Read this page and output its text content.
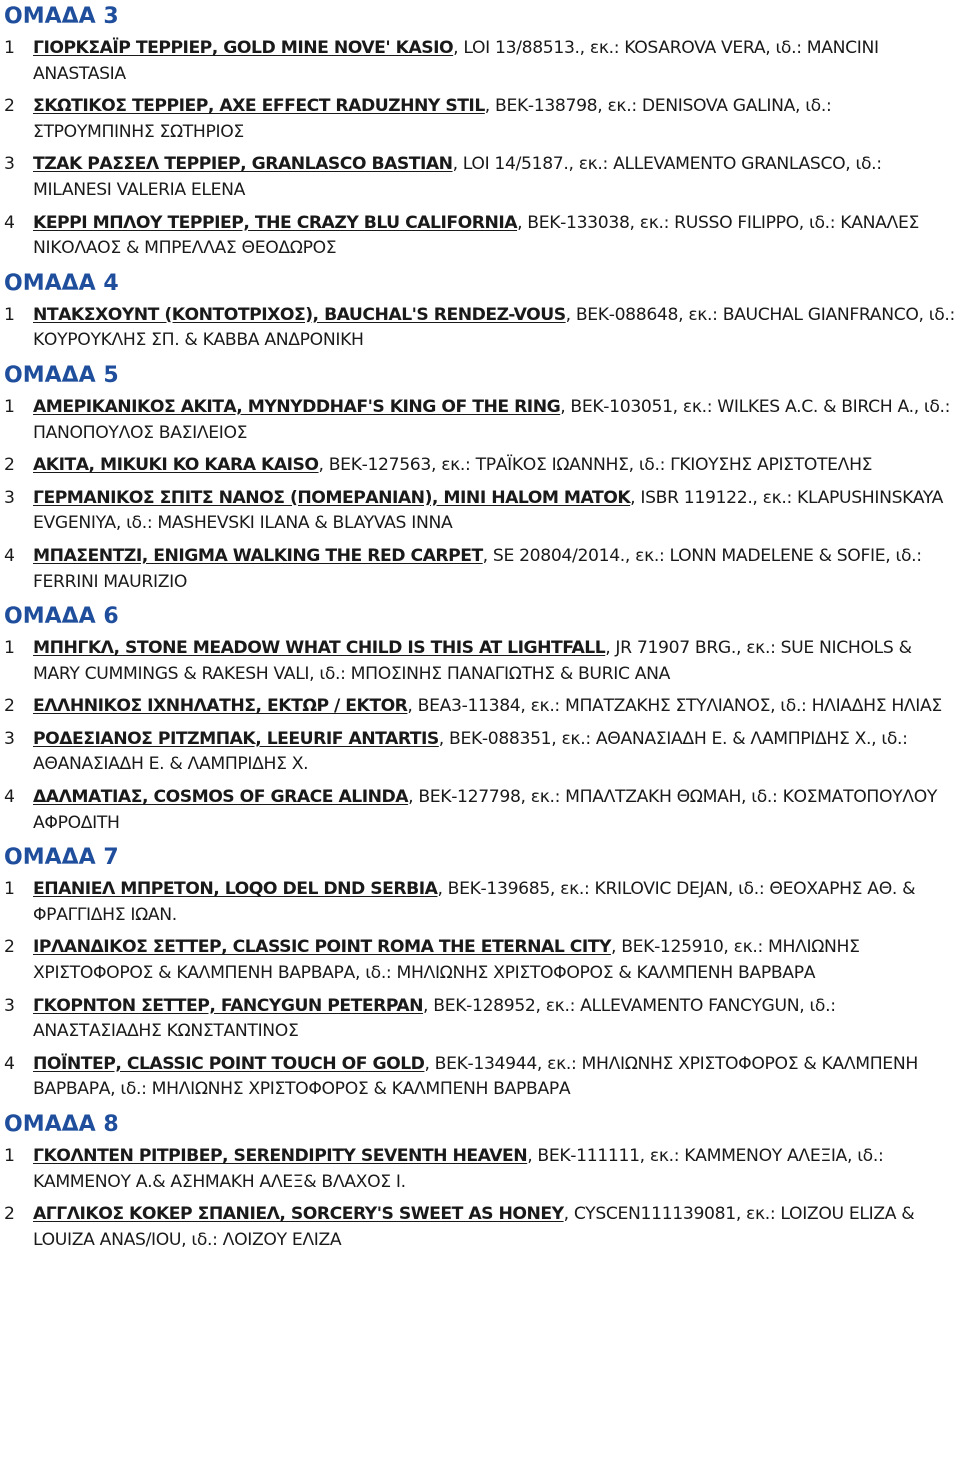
ΟΜΑΔΑ 3
1	ΓΙΟΡΚΣΑΪΡ ΤΕΡΡΙΕΡ, GOLD MINE NOVE' KASIO, LOI 13/88513., εκ.: KOSAROVA VERA, ιδ.: MANCINI ANASTASIA
2	ΣΚΩΤΙΚΟΣ ΤΕΡΡΙΕΡ, AXE EFFECT RADUZHNY STIL, ΒΕΚ-138798, εκ.: DENISOVA GALINA, ιδ.: ΣΤΡΟΥΜΠΙΝΗΣ ΣΩΤΗΡΙΟΣ
3	ΤΖΑΚ ΡΑΣΣΕΛ ΤΕΡΡΙΕΡ, GRANLASCO BASTIAN, LOI 14/5187., εκ.: ALLEVAMENTO GRANLASCO, ιδ.: MILANESI VALERIA ELENA
4	ΚΕΡΡΙ ΜΠΛΟΥ ΤΕΡΡΙΕΡ, THE CRAZY BLU CALIFORNIA, ΒΕΚ-133038, εκ.: RUSSO FILIPPO, ιδ.: ΚΑΝΑΛΕΣ ΝΙΚΟΛΑΟΣ & ΜΠΡΕΛΛΑΣ ΘΕΟΔΩΡΟΣ
ΟΜΑΔΑ 4
1	ΝΤΑΚΣΧΟΥΝΤ (ΚΟΝΤΟΤΡΙΧΟΣ), BAUCHAL'S RENDEZ-VOUS, ΒΕΚ-088648, εκ.: BAUCHAL GIANFRANCO, ιδ.: ΚΟΥΡΟΥΚΛΗΣ ΣΠ. & ΚΑΒΒΑ ΑΝΔΡΟΝΙΚΗ
ΟΜΑΔΑ 5
1	ΑΜΕΡΙΚΑΝΙΚΟΣ ΑΚΙΤΑ, MYNYDDHAF'S KING OF THE RING, ΒΕΚ-103051, εκ.: WILKES A.C. & BIRCH A., ιδ.: ΠΑΝΟΠΟΥΛΟΣ ΒΑΣΙΛΕΙΟΣ
2	ΑΚΙΤΑ, MIKUKI KO KARA KAISO, ΒΕΚ-127563, εκ.: ΤΡΑΪΚΟΣ ΙΩΑΝΝΗΣ, ιδ.: ΓΚΙΟΥΣΗΣ ΑΡΙΣΤΟΤΕΛΗΣ
3	ΓΕΡΜΑΝΙΚΟΣ ΣΠΙΤΣ ΝΑΝΟΣ (ΠΟΜΕΡΑΝΙΑΝ), MINI HALOM MATOK, ISBR 119122., εκ.: KLAPUSHINSKAYA EVGENIYA, ιδ.: MASHEVSKI ILANA & BLAYVAS INNA
4	ΜΠΑΣΕΝΤΖΙ, ENIGMA WALKING THE RED CARPET, SE 20804/2014., εκ.: LONN MADELENE & SOFIE, ιδ.: FERRINI MAURIZIO
ΟΜΑΔΑ 6
1	ΜΠΗΓΚΛ, STONE MEADOW WHAT CHILD IS THIS AT LIGHTFALL, JR 71907 BRG., εκ.: SUE NICHOLS & MARY CUMMINGS & RAKESH VALI, ιδ.: ΜΠΟΣΙΝΗΣ ΠΑΝΑΓΙΩΤΗΣ & BURIC ANA
2	ΕΛΛΗΝΙΚΟΣ ΙΧΝΗΛΑΤΗΣ, ΕΚΤΩΡ / EKTOR, ΒΕΑ3-11384, εκ.: ΜΠΑΤΖΑΚΗΣ ΣΤΥΛΙΑΝΟΣ, ιδ.: ΗΛΙΑΔΗΣ ΗΛΙΑΣ
3	ΡΟΔΕΣΙΑΝΟΣ ΡΙΤΖΜΠΑΚ, LEEURIF ANTARTIS, ΒΕΚ-088351, εκ.: ΑΘΑΝΑΣΙΑΔΗ Ε. & ΛΑΜΠΡΙΔΗΣ Χ., ιδ.: ΑΘΑΝΑΣΙΑΔΗ Ε. & ΛΑΜΠΡΙΔΗΣ Χ.
4	ΔΑΛΜΑΤΙΑΣ, COSMOS OF GRACE ALINDA, ΒΕΚ-127798, εκ.: ΜΠΑΛΤΖΑΚΗ ΘΩΜΑΗ, ιδ.: ΚΟΣΜΑΤΟΠΟΥΛΟΥ ΑΦΡΟΔΙΤΗ
ΟΜΑΔΑ 7
1	ΕΠΑΝΙΕΛ ΜΠΡΕΤΟΝ, LOQO DEL DND SERBIA, ΒΕΚ-139685, εκ.: KRILOVIC DEJAN, ιδ.: ΘΕΟΧΑΡΗΣ ΑΘ. & ΦΡΑΓΓΙΔΗΣ ΙΩΑΝ.
2	ΙΡΛΑΝΔΙΚΟΣ ΣΕΤΤΕΡ, CLASSIC POINT ROMA THE ETERNAL CITY, ΒΕΚ-125910, εκ.: ΜΗΛΙΩΝΗΣ ΧΡΙΣΤΟΦΟΡΟΣ & ΚΑΛΜΠΕΝΗ ΒΑΡΒΑΡΑ, ιδ.: ΜΗΛΙΩΝΗΣ ΧΡΙΣΤΟΦΟΡΟΣ & ΚΑΛΜΠΕΝΗ ΒΑΡΒΑΡΑ
3	ΓΚΟΡΝΤΟΝ ΣΕΤΤΕΡ, FANCYGUN PETERPAN, ΒΕΚ-128952, εκ.: ALLEVAMENTO FANCYGUN, ιδ.: ΑΝΑΣΤΑΣΙΑΔΗΣ ΚΩΝΣΤΑΝΤΙΝΟΣ
4	ΠΟΪΝΤΕΡ, CLASSIC POINT TOUCH OF GOLD, ΒΕΚ-134944, εκ.: ΜΗΛΙΩΝΗΣ ΧΡΙΣΤΟΦΟΡΟΣ & ΚΑΛΜΠΕΝΗ ΒΑΡΒΑΡΑ, ιδ.: ΜΗΛΙΩΝΗΣ ΧΡΙΣΤΟΦΟΡΟΣ & ΚΑΛΜΠΕΝΗ ΒΑΡΒΑΡΑ
ΟΜΑΔΑ 8
1	ΓΚΟΛΝΤΕΝ ΡΙΤΡΙΒΕΡ, SERENDIPITY SEVENTH HEAVEN, ΒΕΚ-111111, εκ.: ΚΑΜΜΕΝΟΥ ΑΛΕΞΙΑ, ιδ.: ΚΑΜΜΕΝΟΥ Α.& ΑΣΗΜΑΚΗ ΑΛΕΞ& ΒΛΑΧΟΣ Ι.
2	ΑΓΓΛΙΚΟΣ ΚΟΚΕΡ ΣΠΑΝΙΕΛ, SORCERY'S SWEET AS HONEY, CYSCEN111139081, εκ.: LOIZOU ELIZA & LOUIZA ANAS/IOU, ιδ.: ΛΟΙΖΟΥ ΕΛΙΖΑ
